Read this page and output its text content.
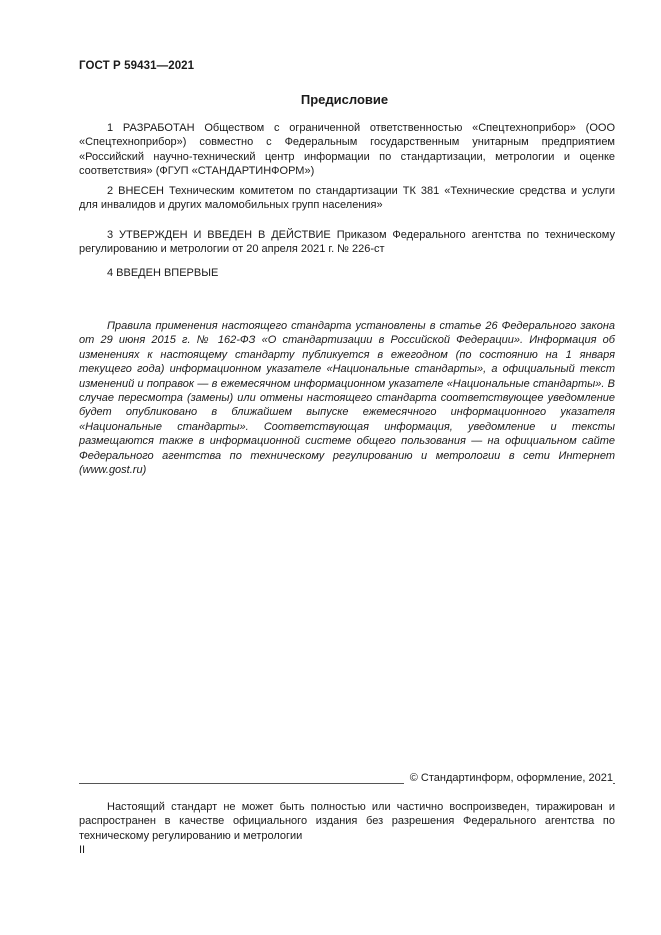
ГОСТ Р 59431—2021
Предисловие
1 РАЗРАБОТАН Обществом с ограниченной ответственностью «Спецтехноприбор» (ООО «Спецтехноприбор») совместно с Федеральным государственным унитарным предприятием «Российский научно-технический центр информации по стандартизации, метрологии и оценке соответствия» (ФГУП «СТАНДАРТИНФОРМ»)
2 ВНЕСЕН Техническим комитетом по стандартизации ТК 381 «Технические средства и услуги для инвалидов и других маломобильных групп населения»
3 УТВЕРЖДЕН И ВВЕДЕН В ДЕЙСТВИЕ Приказом Федерального агентства по техническому регулированию и метрологии от 20 апреля 2021 г. № 226-ст
4 ВВЕДЕН ВПЕРВЫЕ
Правила применения настоящего стандарта установлены в статье 26 Федерального закона от 29 июня 2015 г. № 162-ФЗ «О стандартизации в Российской Федерации». Информация об изменениях к настоящему стандарту публикуется в ежегодном (по состоянию на 1 января текущего года) информационном указателе «Национальные стандарты», а официальный текст изменений и поправок — в ежемесячном информационном указателе «Национальные стандарты». В случае пересмотра (замены) или отмены настоящего стандарта соответствующее уведомление будет опубликовано в ближайшем выпуске ежемесячного информационного указателя «Национальные стандарты». Соответствующая информация, уведомление и тексты размещаются также в информационной системе общего пользования — на официальном сайте Федерального агентства по техническому регулированию и метрологии в сети Интернет (www.gost.ru)
© Стандартинформ, оформление, 2021
Настоящий стандарт не может быть полностью или частично воспроизведен, тиражирован и распространен в качестве официального издания без разрешения Федерального агентства по техническому регулированию и метрологии
II
